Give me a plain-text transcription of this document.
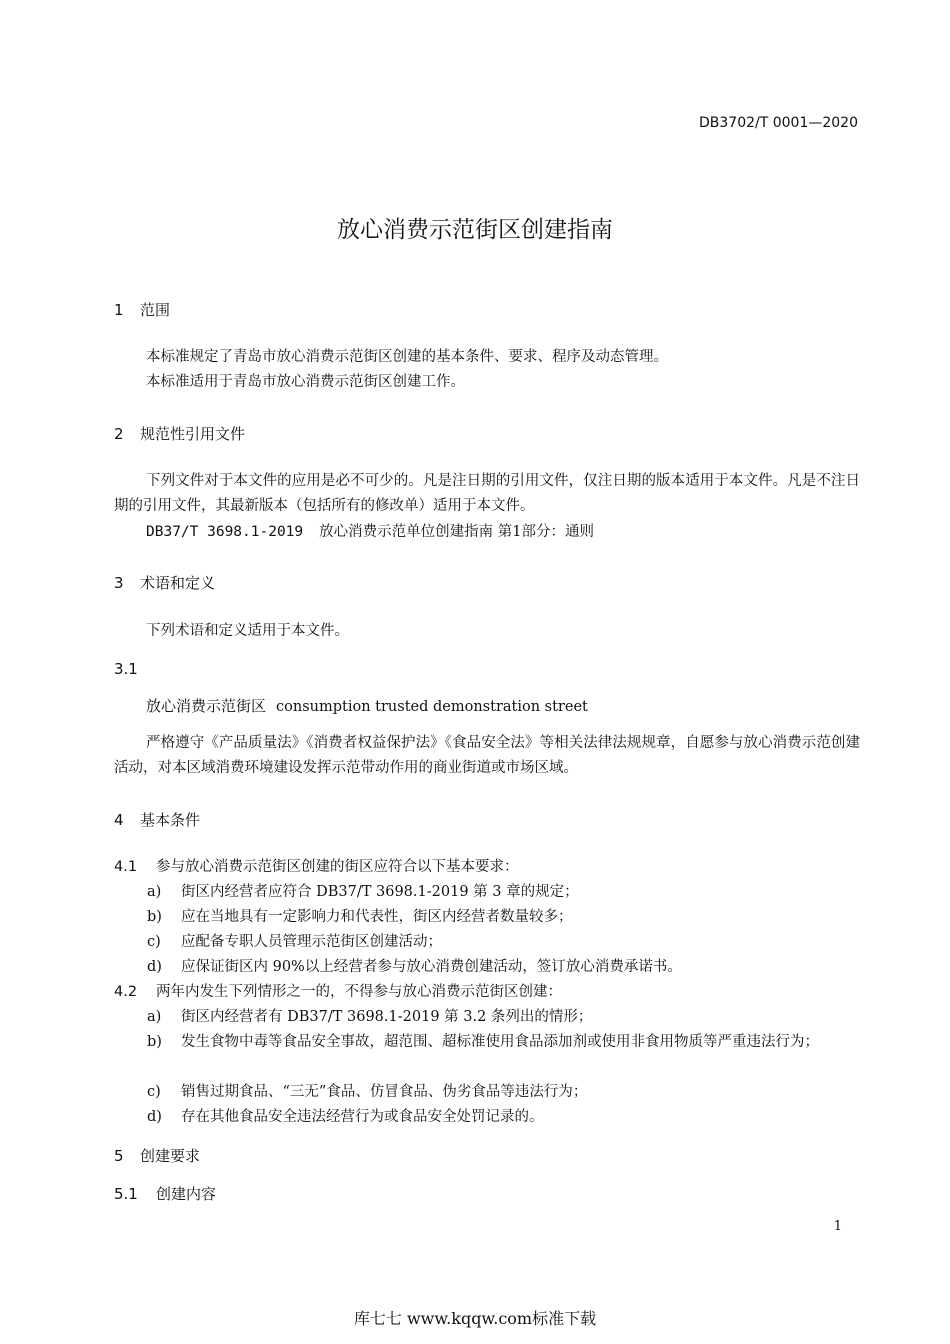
DB3702/T 0001—2020
放心消费示范街区创建指南
1 范围
本标准规定了青岛市放心消费示范街区创建的基本条件、要求、程序及动态管理。
本标准适用于青岛市放心消费示范街区创建工作。
2 规范性引用文件
下列文件对于本文件的应用是必不可少的。凡是注日期的引用文件，仅注日期的版本适用于本文件。凡是不注日期的引用文件，其最新版本（包括所有的修改单）适用于本文件。
DB37/T 3698.1-2019 放心消费示范单位创建指南 第1部分：通则
3 术语和定义
下列术语和定义适用于本文件。
3.1
放心消费示范街区 consumption trusted demonstration street
严格遵守《产品质量法》《消费者权益保护法》《食品安全法》等相关法律法规规章，自愿参与放心消费示范创建活动，对本区域消费环境建设发挥示范带动作用的商业街道或市场区域。
4 基本条件
4.1 参与放心消费示范街区创建的街区应符合以下基本要求：
a) 街区内经营者应符合 DB37/T 3698.1-2019 第 3 章的规定；
b) 应在当地具有一定影响力和代表性，街区内经营者数量较多；
c) 应配备专职人员管理示范街区创建活动；
d) 应保证街区内 90%以上经营者参与放心消费创建活动，签订放心消费承诺书。
4.2 两年内发生下列情形之一的，不得参与放心消费示范街区创建：
a) 街区内经营者有 DB37/T 3698.1-2019 第 3.2 条列出的情形；
b) 发生食物中毒等食品安全事故，超范围、超标准使用食品添加剂或使用非食用物质等严重违法行为；
c) 销售过期食品、“三无”食品、仿冒食品、伪劣食品等违法行为；
d) 存在其他食品安全违法经营行为或食品安全处罚记录的。
5 创建要求
5.1 创建内容
1
库七七 www.kqqw.com标准下载
